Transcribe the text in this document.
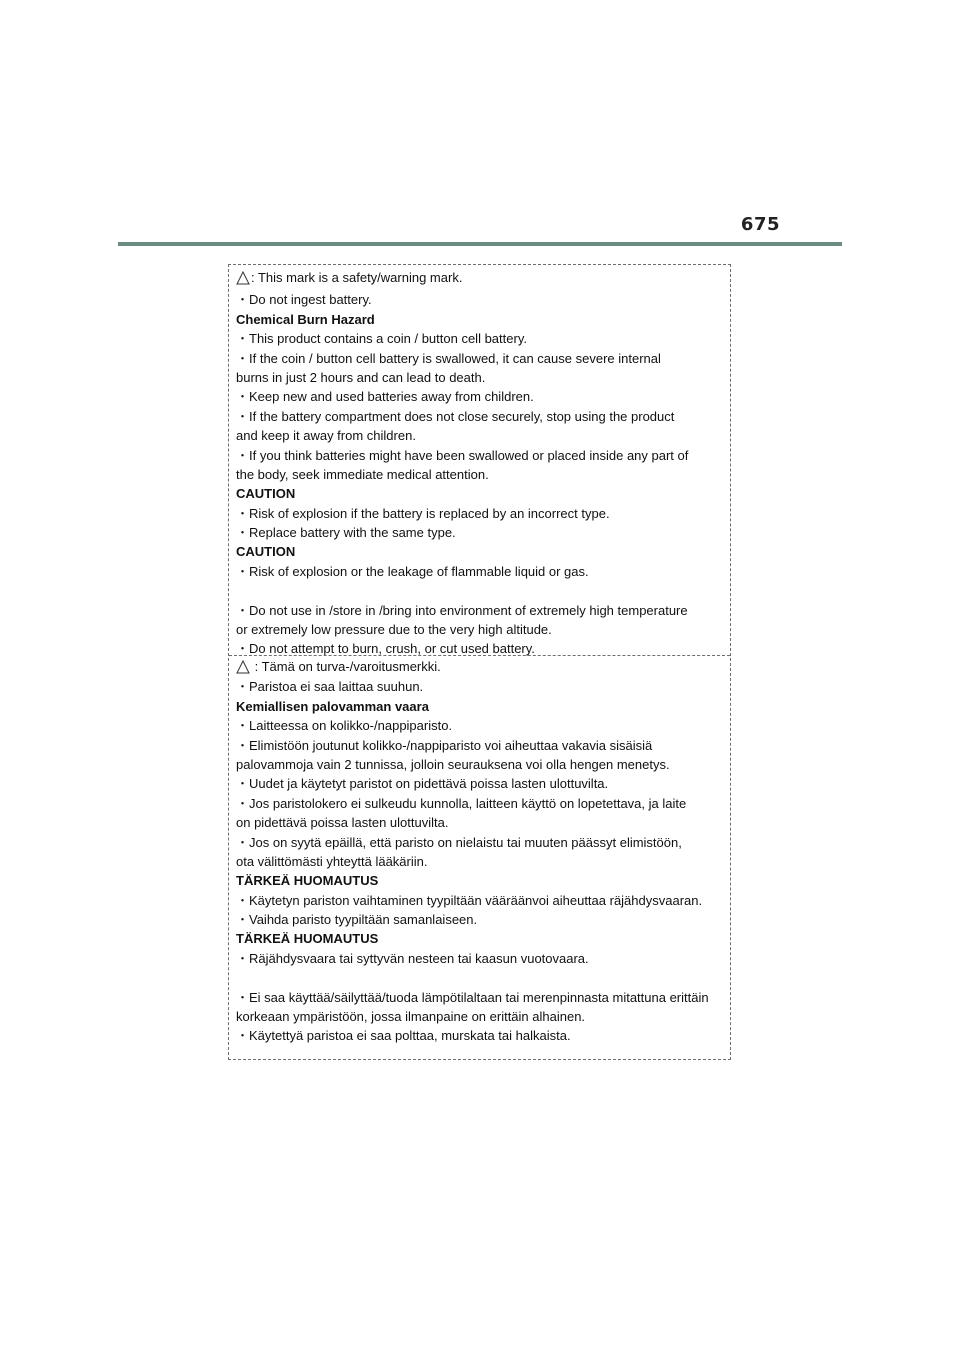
675
: This mark is a safety/warning mark.
・Do not ingest battery.
Chemical Burn Hazard
・This product contains a coin / button cell battery.
・If the coin / button cell battery is swallowed, it can cause severe internal
burns in just 2 hours and can lead to death.
・Keep new and used batteries away from children.
・If the battery compartment does not close securely, stop using the product
and keep it away from children.
・If you think batteries might have been swallowed or placed inside any part of
the body, seek immediate medical attention.
CAUTION
・Risk of explosion if the battery is replaced by an incorrect type.
・Replace battery with the same type.
CAUTION
・Risk of explosion or the leakage of flammable liquid or gas.
・Do not use in /store in /bring into environment of extremely high temperature
or extremely low pressure due to the very high altitude.
・Do not attempt to burn, crush, or cut used battery.
: Tämä on turva-/varoitusmerkki.
・Paristoa ei saa laittaa suuhun.
Kemiallisen palovamman vaara
・Laitteessa on kolikko-/nappiparisto.
・Elimistöön joutunut kolikko-/nappiparisto voi aiheuttaa vakavia sisäisiä
palovammoja vain 2 tunnissa, jolloin seurauksena voi olla hengen menetys.
・Uudet ja käytetyt paristot on pidettävä poissa lasten ulottuvilta.
・Jos paristolokero ei sulkeudu kunnolla, laitteen käyttö on lopetettava, ja laite
on pidettävä poissa lasten ulottuvilta.
・Jos on syytä epäillä, että paristo on nielaistu tai muuten päässyt elimistöön,
ota välittömästi yhteyttä lääkäriin.
TÄRKEÄ HUOMAUTUS
・Käytetyn pariston vaihtaminen tyypiltään vääräänvoi aiheuttaa räjähdysvaaran.
・Vaihda paristo tyypiltään samanlaiseen.
TÄRKEÄ HUOMAUTUS
・Räjähdysvaara tai syttyvän nesteen tai kaasun vuotovaara.
・Ei saa käyttää/säilyttää/tuoda lämpötilaltaan tai merenpinnasta mitattuna erittäin
korkeaan ympäristöön, jossa ilmanpaine on erittäin alhainen.
・Käytettyä paristoa ei saa polttaa, murskata tai halkaista.
